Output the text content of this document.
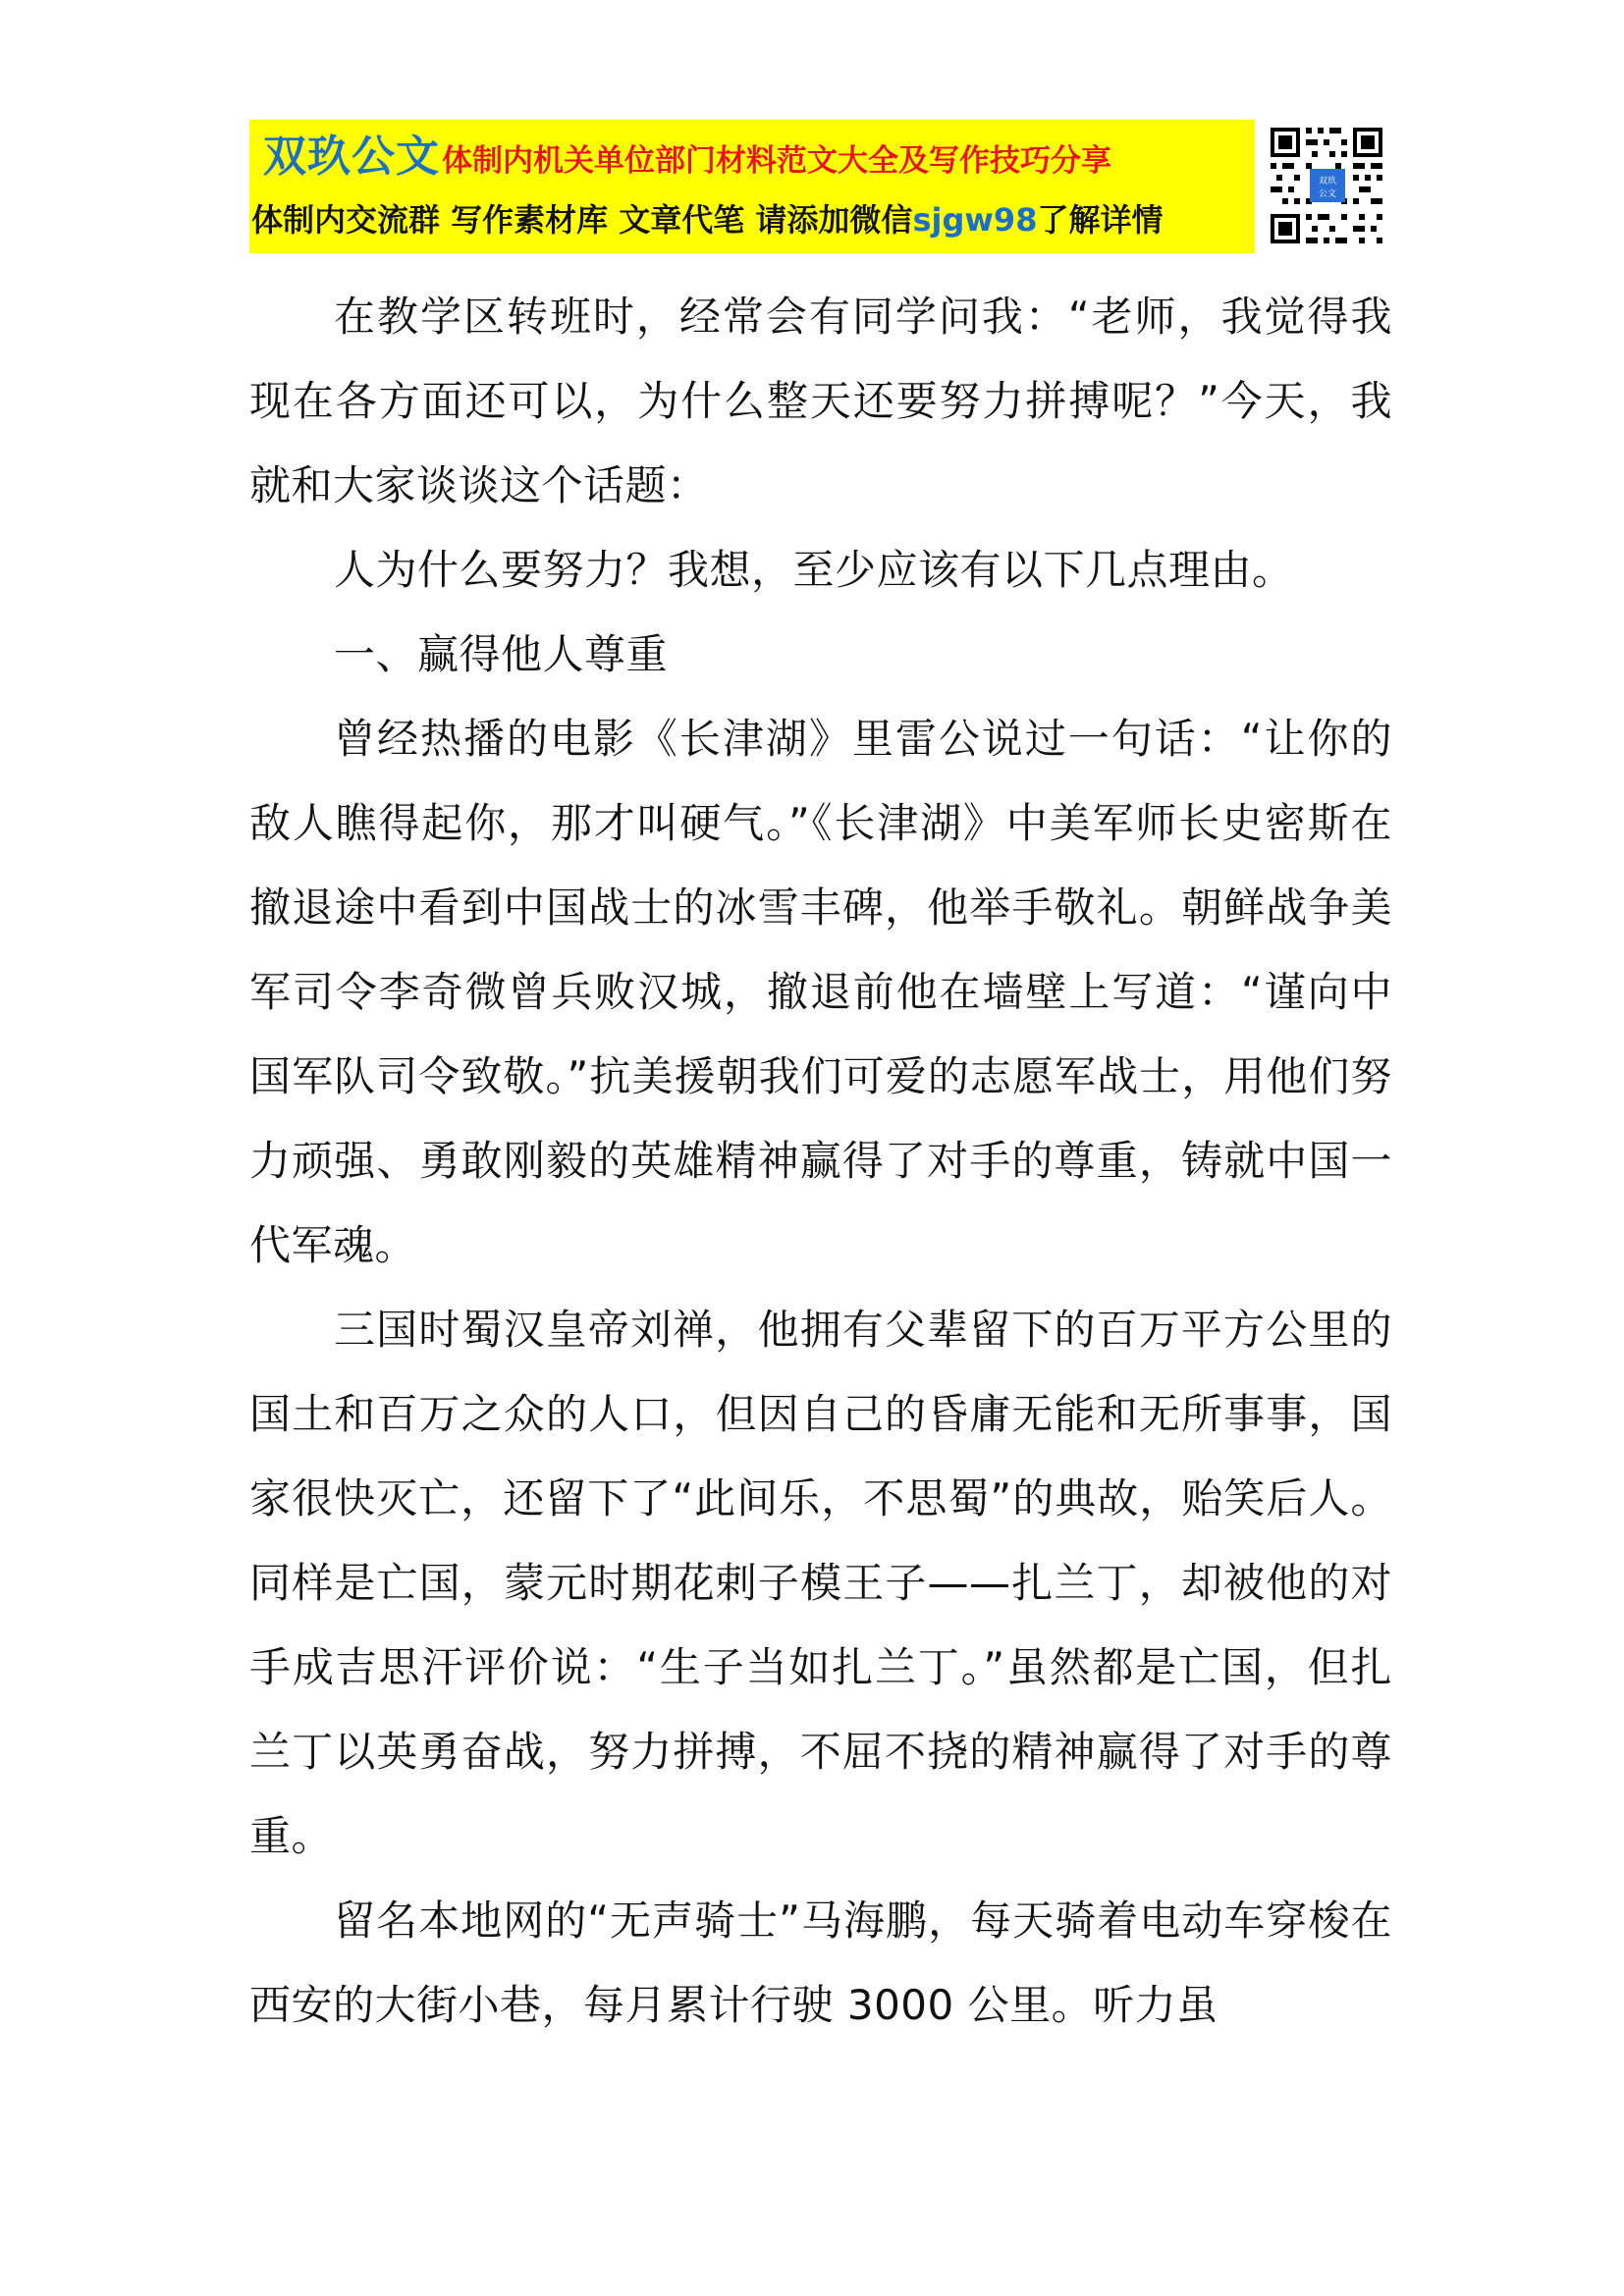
双玖公文 体制内机关单位部门材料范文大全及写作技巧分享
体制内交流群 写作素材库 文章代笔 请添加微信sjgw98了解详情
双玖
公文

在教学区转班时，经常会有同学问我：“老师，我觉得我现在各方面还可以，为什么整天还要努力拼搏呢？”今天，我就和大家谈谈这个话题：

人为什么要努力？我想，至少应该有以下几点理由。

一、赢得他人尊重

曾经热播的电影《长津湖》里雷公说过一句话：“让你的敌人瞧得起你，那才叫硬气。”《长津湖》中美军师长史密斯在撤退途中看到中国战士的冰雪丰碑，他举手敬礼。朝鲜战争美军司令李奇微曾兵败汉城，撤退前他在墙壁上写道：“谨向中国军队司令致敬。”抗美援朝我们可爱的志愿军战士，用他们努力顽强、勇敢刚毅的英雄精神赢得了对手的尊重，铸就中国一代军魂。

三国时蜀汉皇帝刘禅，他拥有父辈留下的百万平方公里的国土和百万之众的人口，但因自己的昏庸无能和无所事事，国家很快灭亡，还留下了“此间乐，不思蜀”的典故，贻笑后人。同样是亡国，蒙元时期花剌子模王子——扎兰丁，却被他的对手成吉思汗评价说：“生子当如扎兰丁。”虽然都是亡国，但扎兰丁以英勇奋战，努力拼搏，不屈不挠的精神赢得了对手的尊重。

留名本地网的“无声骑士”马海鹏，每天骑着电动车穿梭在西安的大街小巷，每月累计行驶 3000 公里。听力虽
